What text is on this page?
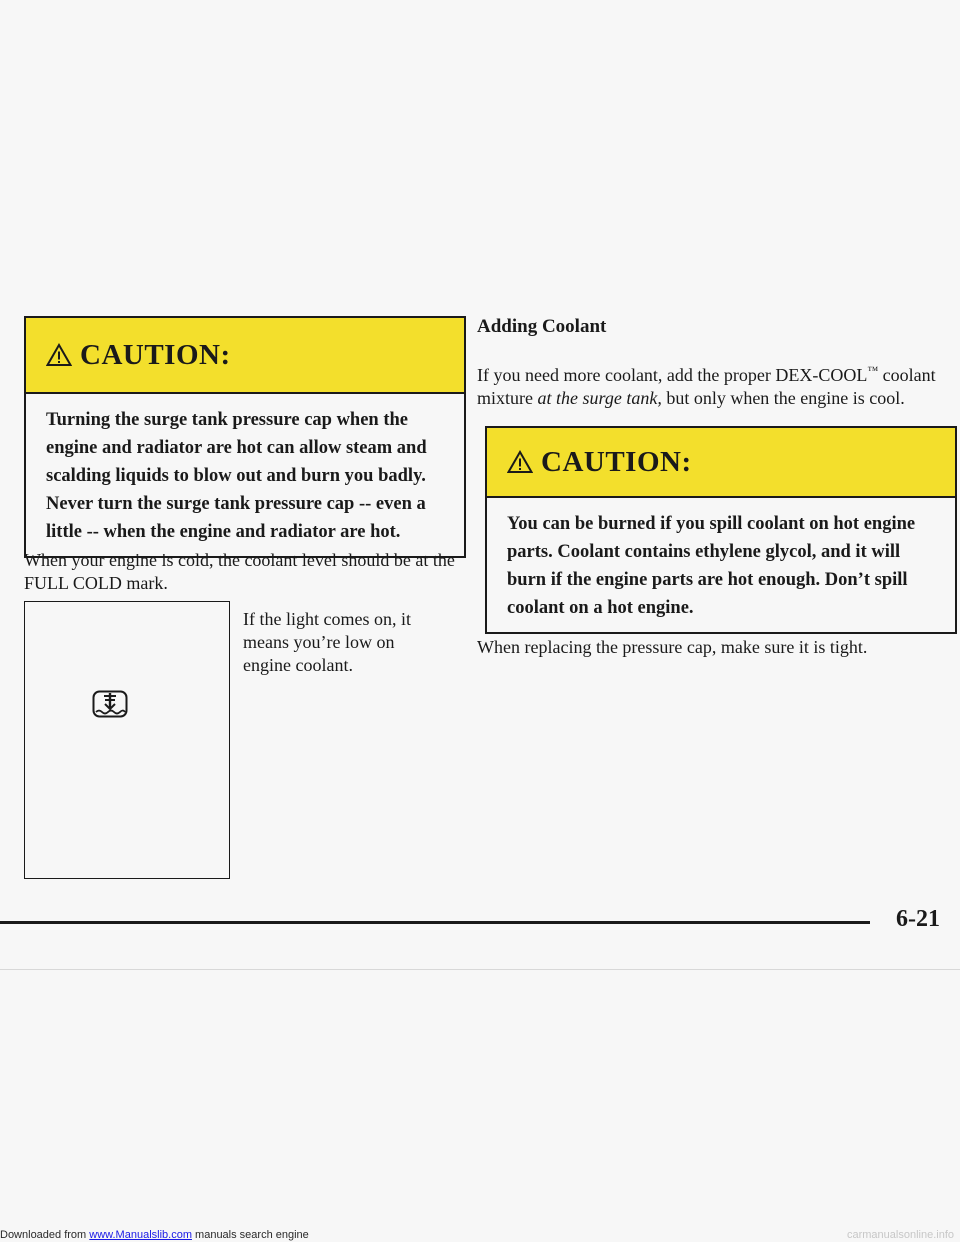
CAUTION:
Turning the surge tank pressure cap when the engine and radiator are hot can allow steam and scalding liquids to blow out and burn you badly. Never turn the surge tank pressure cap -- even a little -- when the engine and radiator are hot.
When your engine is cold, the coolant level should be at the FULL COLD mark.
If the light comes on, it means you’re low on engine coolant.
Adding Coolant
If you need more coolant, add the proper DEX-COOL™ coolant mixture at the surge tank, but only when the engine is cool.
CAUTION:
You can be burned if you spill coolant on hot engine parts. Coolant contains ethylene glycol, and it will burn if the engine parts are hot enough. Don’t spill coolant on a hot engine.
When replacing the pressure cap, make sure it is tight.
6-21
Downloaded from www.Manualslib.com manuals search engine	carmanualsonline.info
